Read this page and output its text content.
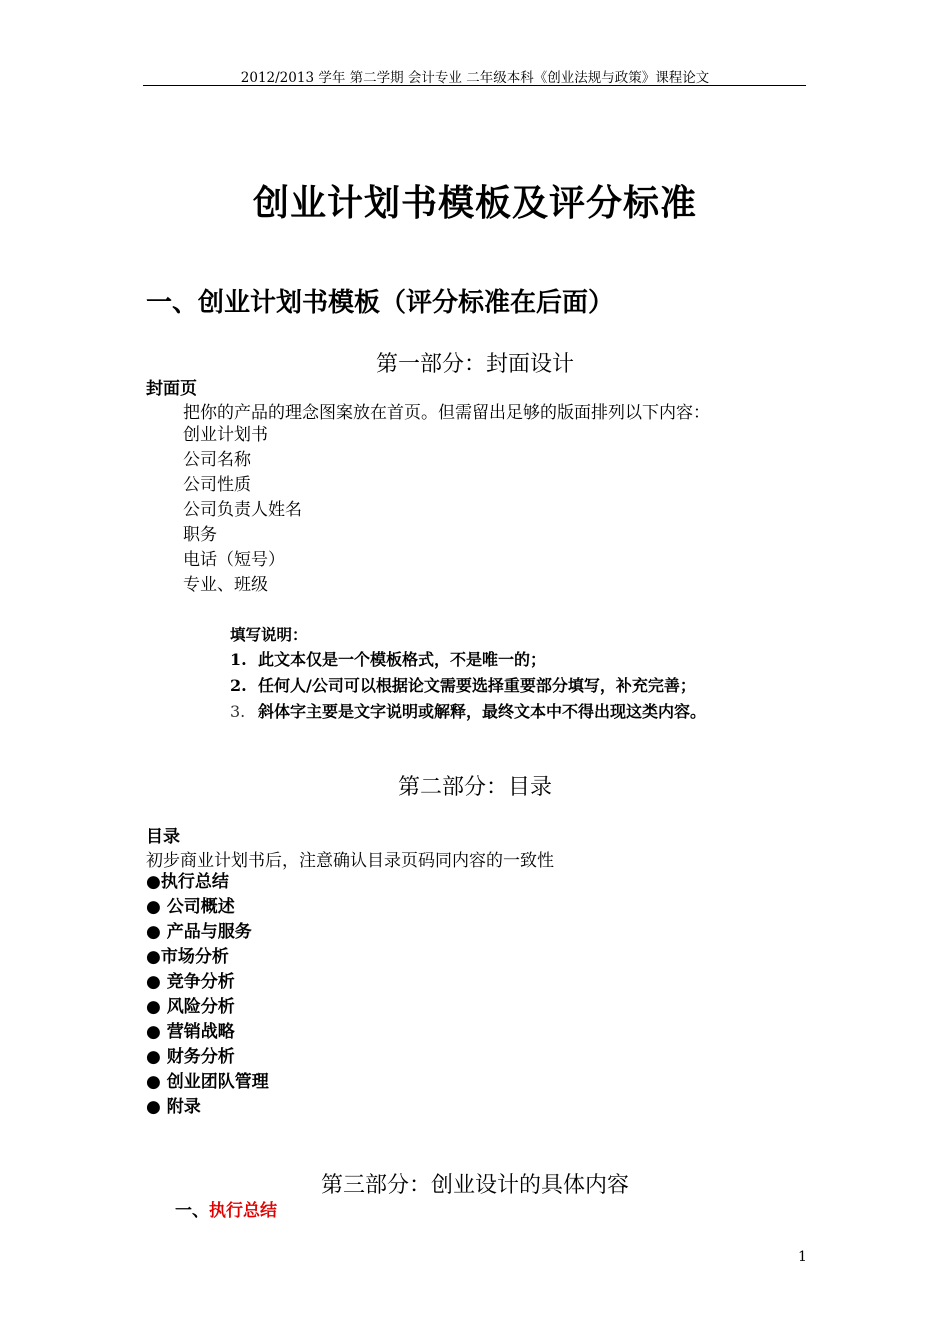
2012/2013 学年 第二学期 会计专业 二年级本科《创业法规与政策》课程论文
创业计划书模板及评分标准
一、创业计划书模板（评分标准在后面）
第一部分：封面设计
封面页
把你的产品的理念图案放在首页。但需留出足够的版面排列以下内容：
创业计划书
公司名称
公司性质
公司负责人姓名
职务
电话（短号）
专业、班级
填写说明：
1. 此文本仅是一个模板格式，不是唯一的；
2. 任何人/公司可以根据论文需要选择重要部分填写，补充完善；
3. 斜体字主要是文字说明或解释，最终文本中不得出现这类内容。
第二部分：目录
目录
初步商业计划书后，注意确认目录页码同内容的一致性
●执行总结
● 公司概述
● 产品与服务
●市场分析
● 竞争分析
● 风险分析
● 营销战略
● 财务分析
● 创业团队管理
● 附录
第三部分：创业设计的具体内容
一、执行总结
1
